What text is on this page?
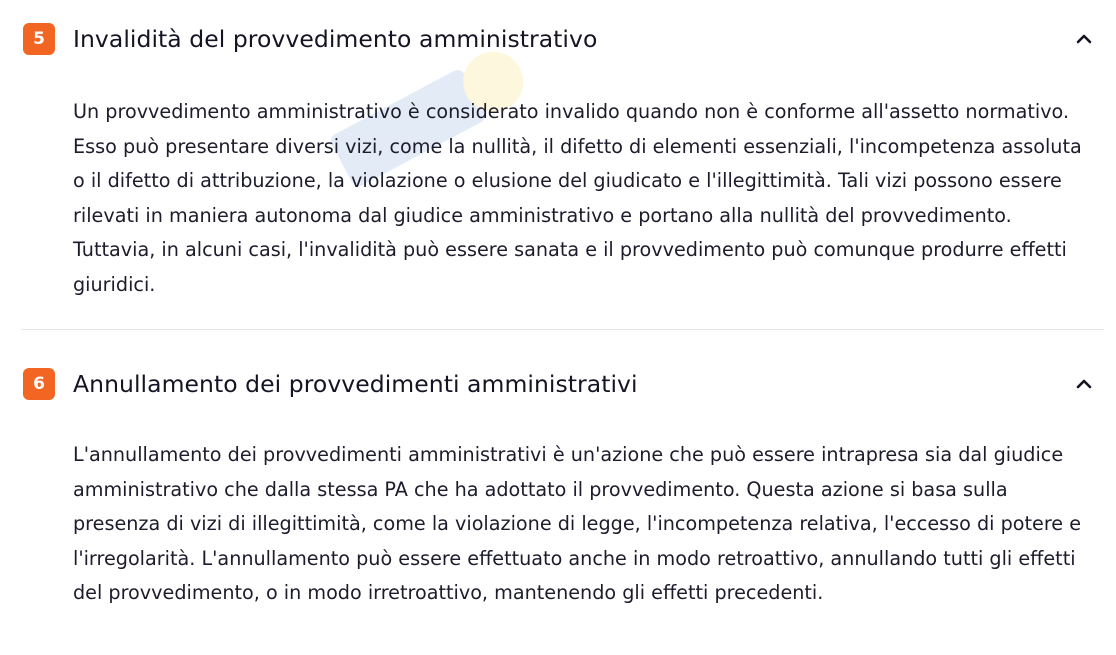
5	Invalidità del provvedimento amministrativo

Un provvedimento amministrativo è considerato invalido quando non è conforme all'assetto normativo. Esso può presentare diversi vizi, come la nullità, il difetto di elementi essenziali, l'incompetenza assoluta o il difetto di attribuzione, la violazione o elusione del giudicato e l'illegittimità. Tali vizi possono essere rilevati in maniera autonoma dal giudice amministrativo e portano alla nullità del provvedimento. Tuttavia, in alcuni casi, l'invalidità può essere sanata e il provvedimento può comunque produrre effetti giuridici.

6	Annullamento dei provvedimenti amministrativi

L'annullamento dei provvedimenti amministrativi è un'azione che può essere intrapresa sia dal giudice amministrativo che dalla stessa PA che ha adottato il provvedimento. Questa azione si basa sulla presenza di vizi di illegittimità, come la violazione di legge, l'incompetenza relativa, l'eccesso di potere e l'irregolarità. L'annullamento può essere effettuato anche in modo retroattivo, annullando tutti gli effetti del provvedimento, o in modo irretroattivo, mantenendo gli effetti precedenti.
